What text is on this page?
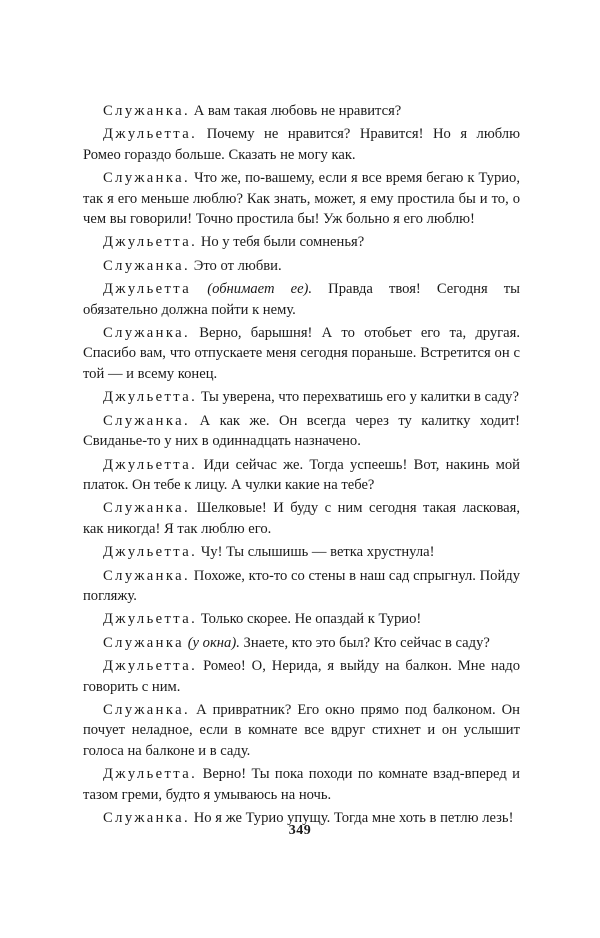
Служанка. А вам такая любовь не нравится?

Джульетта. Почему не нравится? Нравится! Но я люблю Ромео гораздо больше. Сказать не могу как.

Служанка. Что же, по-вашему, если я все время бегаю к Турио, так я его меньше люблю? Как знать, может, я ему простила бы и то, о чем вы говорили! Точно простила бы! Уж больно я его люблю!

Джульетта. Но у тебя были сомненья?

Служанка. Это от любви.

Джульетта (обнимает ее). Правда твоя! Сегодня ты обязательно должна пойти к нему.

Служанка. Верно, барышня! А то отобьет его та, другая. Спасибо вам, что отпускаете меня сегодня пораньше. Встретится он с той — и всему конец.

Джульетта. Ты уверена, что перехватишь его у калитки в саду?

Служанка. А как же. Он всегда через ту калитку ходит! Свиданье-то у них в одиннадцать назначено.

Джульетта. Иди сейчас же. Тогда успеешь! Вот, накинь мой платок. Он тебе к лицу. А чулки какие на тебе?

Служанка. Шелковые! И буду с ним сегодня такая ласковая, как никогда! Я так люблю его.

Джульетта. Чу! Ты слышишь — ветка хрустнула!

Служанка. Похоже, кто-то со стены в наш сад спрыгнул. Пойду погляжу.

Джульетта. Только скорее. Не опаздай к Турио!

Служанка (у окна). Знаете, кто это был? Кто сейчас в саду?

Джульетта. Ромео! О, Нерида, я выйду на балкон. Мне надо говорить с ним.

Служанка. А привратник? Его окно прямо под балконом. Он почует неладное, если в комнате все вдруг стихнет и он услышит голоса на балконе и в саду.

Джульетта. Верно! Ты пока походи по комнате взад-вперед и тазом греми, будто я умываюсь на ночь.

Служанка. Но я же Турио упущу. Тогда мне хоть в петлю лезь!

349
